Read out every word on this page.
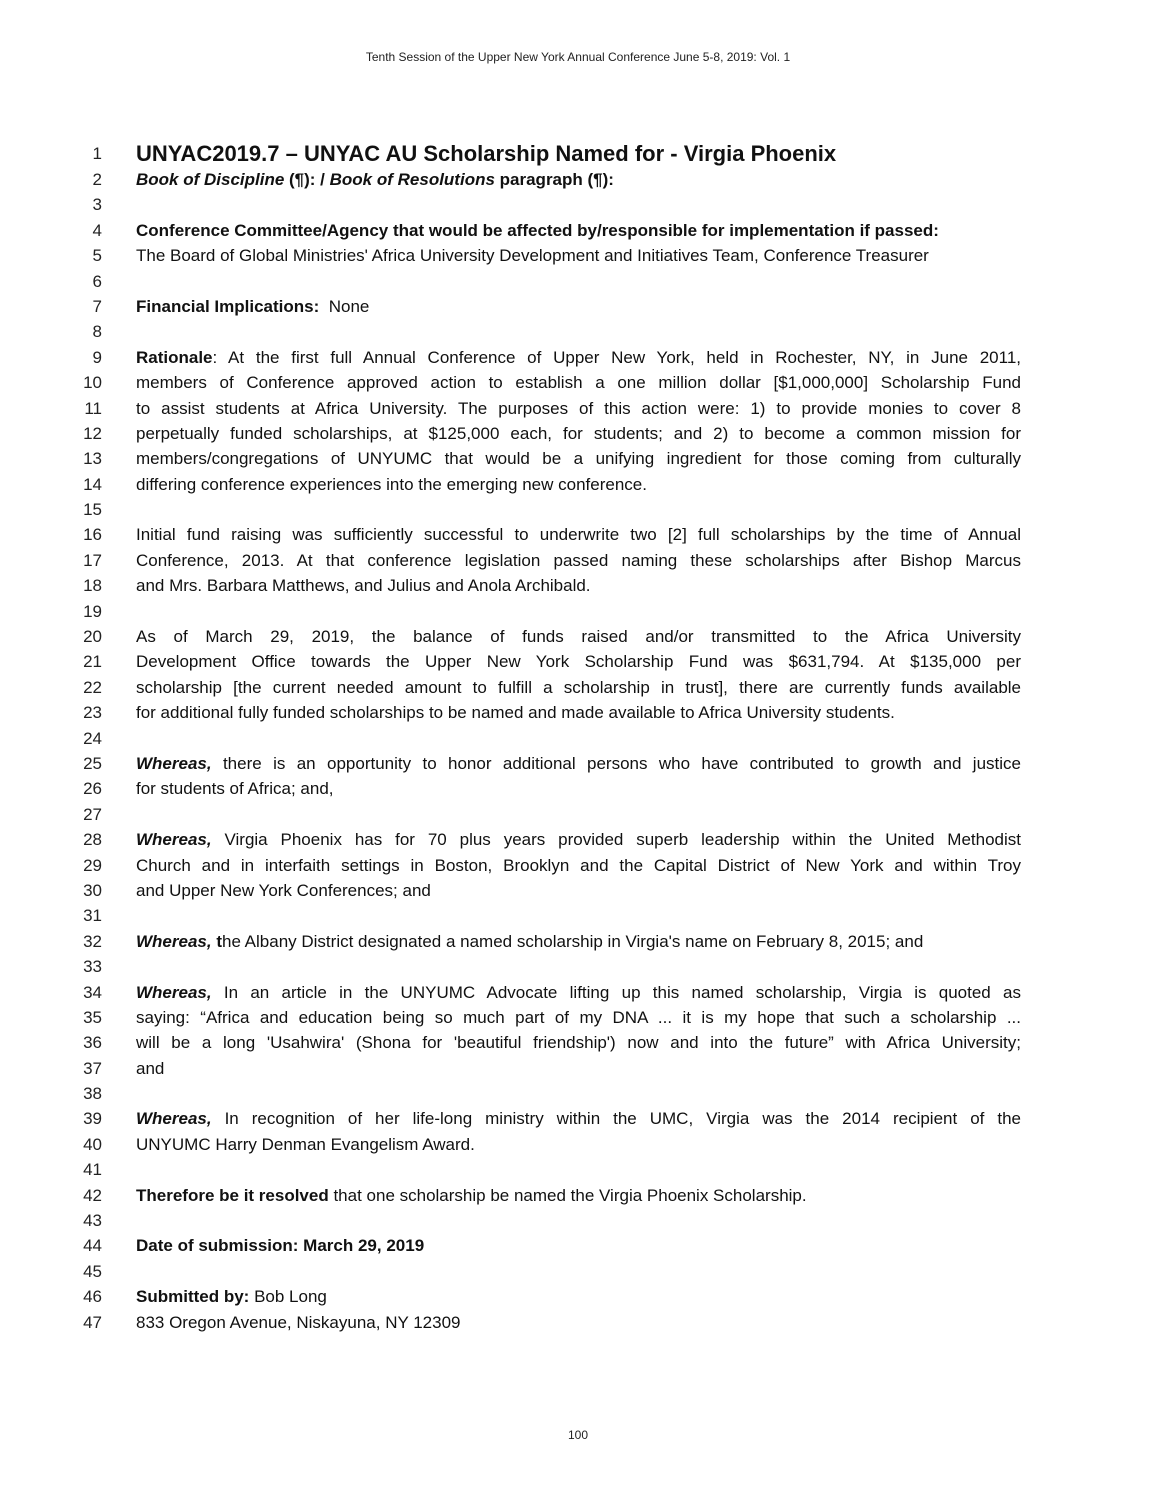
Tenth Session of the Upper New York Annual Conference June 5-8, 2019: Vol. 1
1 UNYAC2019.7 – UNYAC AU Scholarship Named for - Virgia Phoenix
2 Book of Discipline (¶): / Book of Resolutions paragraph (¶):
3
4 Conference Committee/Agency that would be affected by/responsible for implementation if passed:
5 The Board of Global Ministries' Africa University Development and Initiatives Team, Conference Treasurer
6
7 Financial Implications:  None
8
9 Rationale: At the first full Annual Conference of Upper New York, held in Rochester, NY, in June 2011,
10 members of Conference approved action to establish a one million dollar [$1,000,000] Scholarship Fund
11 to assist students at Africa University. The purposes of this action were: 1) to provide monies to cover 8
12 perpetually funded scholarships, at $125,000 each, for students; and 2) to become a common mission for
13 members/congregations of UNYUMC that would be a unifying ingredient for those coming from culturally
14 differing conference experiences into the emerging new conference.
15
16 Initial fund raising was sufficiently successful to underwrite two [2] full scholarships by the time of Annual
17 Conference, 2013. At that conference legislation passed naming these scholarships after Bishop Marcus
18 and Mrs. Barbara Matthews, and Julius and Anola Archibald.
19
20 As of March 29, 2019, the balance of funds raised and/or transmitted to the Africa University
21 Development Office towards the Upper New York Scholarship Fund was $631,794. At $135,000 per
22 scholarship [the current needed amount to fulfill a scholarship in trust], there are currently funds available
23 for additional fully funded scholarships to be named and made available to Africa University students.
24
25 Whereas, there is an opportunity to honor additional persons who have contributed to growth and justice
26 for students of Africa; and,
27
28 Whereas, Virgia Phoenix has for 70 plus years provided superb leadership within the United Methodist
29 Church and in interfaith settings in Boston, Brooklyn and the Capital District of New York and within Troy
30 and Upper New York Conferences; and
31
32 Whereas, the Albany District designated a named scholarship in Virgia's name on February 8, 2015; and
33
34 Whereas, In an article in the UNYUMC Advocate lifting up this named scholarship, Virgia is quoted as
35 saying: “Africa and education being so much part of my DNA ... it is my hope that such a scholarship ...
36 will be a long 'Usahwira' (Shona for 'beautiful friendship') now and into the future” with Africa University;
37 and
38
39 Whereas, In recognition of her life-long ministry within the UMC, Virgia was the 2014 recipient of the
40 UNYUMC Harry Denman Evangelism Award.
41
42 Therefore be it resolved that one scholarship be named the Virgia Phoenix Scholarship.
43
44 Date of submission: March 29, 2019
45
46 Submitted by: Bob Long
47 833 Oregon Avenue, Niskayuna, NY 12309
100
